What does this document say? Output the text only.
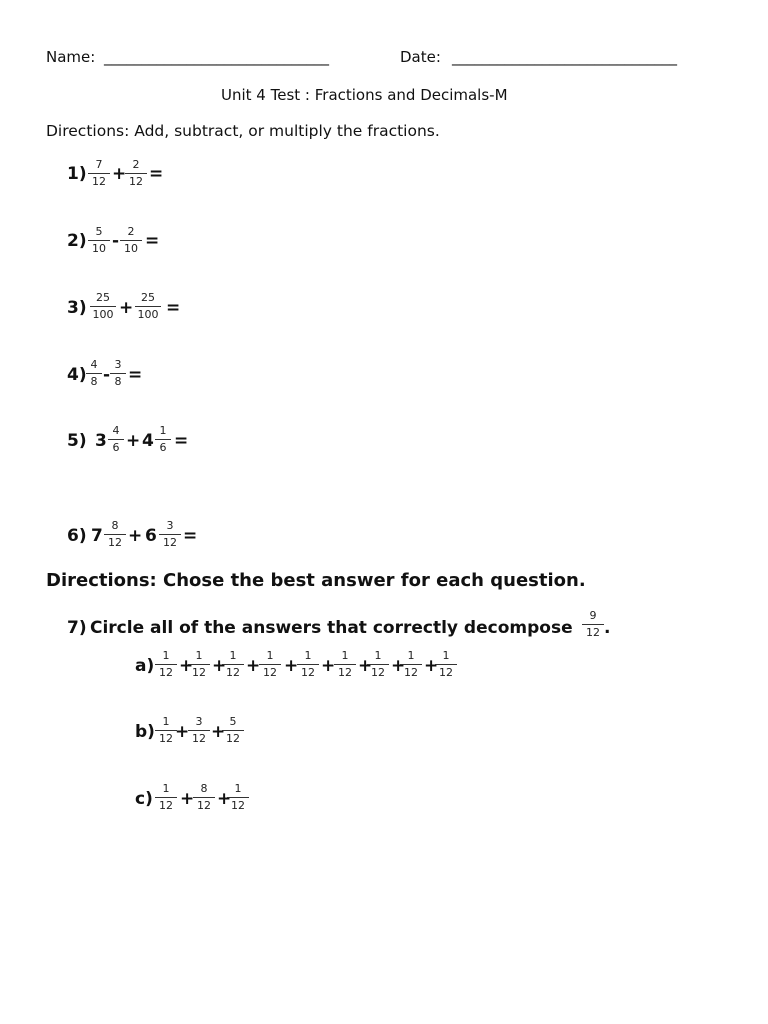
Name: ______________________________	Date: ______________________________
Unit 4 Test : Fractions and Decimals-M
Directions: Add, subtract, or multiply the fractions.
1) 7
12 + 2
12 =
2) 5
10 - 2
10 =
3)
25
100 +
25
100 =
4)
4
8 -
3
8 =
5) 3
4
6 + 4
1
6 =
6) 7
8
12 + 6
3
12 =
Directions: Chose the best answer for each question.
7) Circle all of the answers that correctly decompose
9
12 .
a)
1
12 +
1
12 +
1
12 +
1
12 +
1
12 +
1
12 +
1
12 +
1
12 +
1
12
b)
1
12 +
3
12 +
5
12
c)
1
12 +
8
12 +
1
12
